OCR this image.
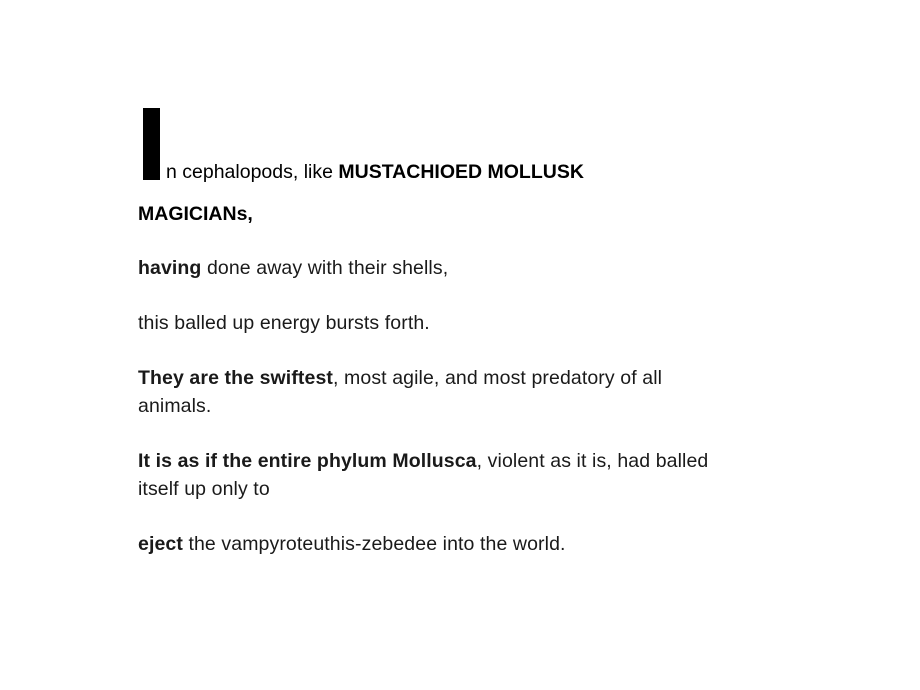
n cephalopods, like MUSTACHIOED MOLLUSK

MAGICIANs,

having done away with their shells,

this balled up energy bursts forth.

They are the swiftest, most agile, and most predatory of all animals.

It is as if the entire phylum Mollusca, violent as it is, had balled itself up only to

eject the vampyroteuthis-zebedee into the world.
